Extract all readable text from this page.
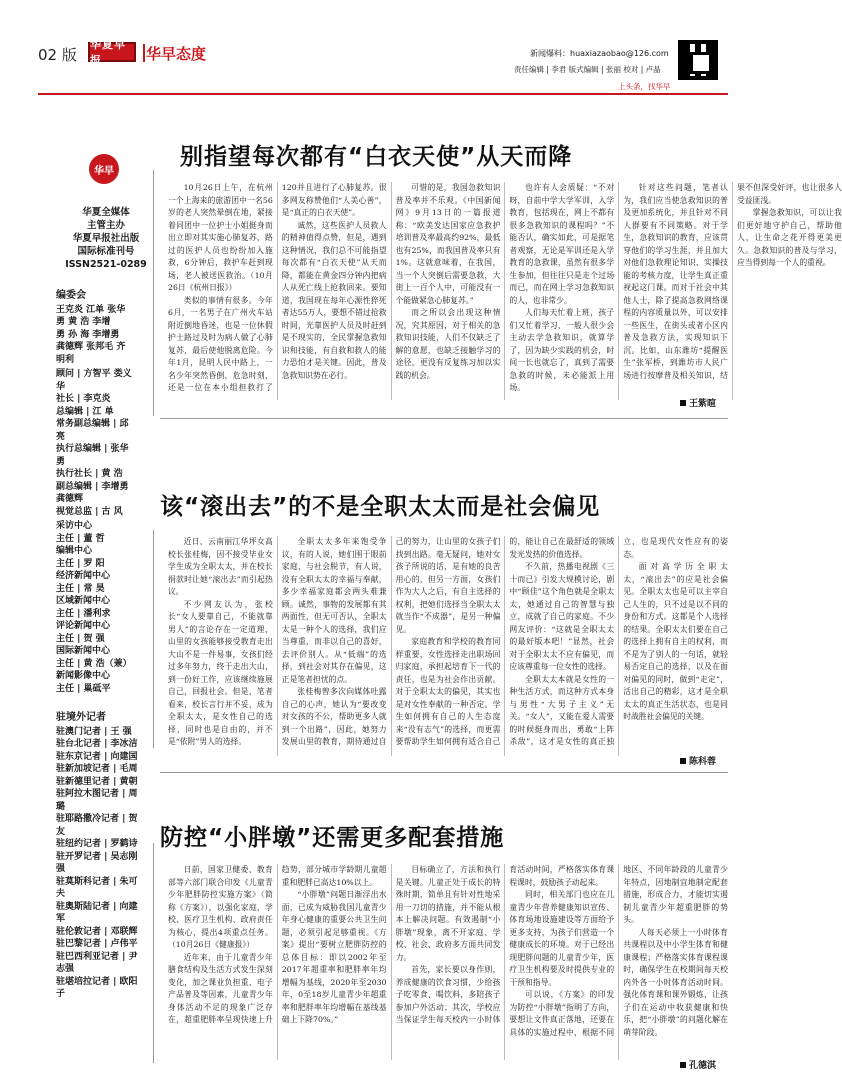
02 版
华夏早报	华早态度	新闻爆料：huaxiazaobao@126.com
责任编辑 | 李君 版式编辑 | 张丽 校对 | 卢晶
上头条，找华早
华早
华夏全媒体
主管主办
华夏早报社出版
国际标准刊号
ISSN2521-0289
编委会
王克炎 江单 张华
勇 黄 浩 李增
勇 孙 海 李增勇
龚德辉 张邦毛 齐
明利
顾问 | 方智平 娄义
华
社长 | 李克炎
总编辑 | 江 单
常务副总编辑 | 邱
亮
执行总编辑 | 张华
勇
执行社长 | 黄 浩
副总编辑 | 李增勇
龚德辉
视觉总监 | 古 风
采访中心
主任 | 董 哲
编辑中心
主任 | 罗 阳
经济新闻中心
主任 | 常 昊
区域新闻中心
主任 | 潘利求
评论新闻中心
主任 | 贺 强
国际新闻中心
主任 | 黄 浩（兼）
新闻影像中心
主任 | 巢砥平
驻境外记者
驻澳门记者 | 王 强
驻台北记者 | 李冰洁
驻东京记者 | 向建国
驻新加坡记者 | 毛周
驻新德里记者 | 黄朝
驻阿拉木图记者 | 周
璐
驻耶路撒冷记者 | 贺
友
驻纽约记者 | 罗鹤诗
驻开罗记者 | 吴志刚
强
驻莫斯科记者 | 朱可
夫
驻奥斯陆记者 | 向建
军
驻伦敦记者 | 邓联辉
驻巴黎记者 | 卢伟平
驻巴西利亚记者 | 尹
志强
驻堪培拉记者 | 欧阳
子
别指望每次都有“白衣天使”从天而降

10月26日上午，在杭州一个上海来的旅游团中一名56岁的老人突然晕倒在地，紧接着同团中一位护士小姐挺身而出立即对其实施心肺复苏，路过的医护人员也纷纷加入施救，6分钟后，救护车赶到现场，老人被送医救治。（10月26日《杭州日报》）

类似的事情有很多。今年6月，一名男子在广州火车站附近倒地昏迷，也是一位休假护士路过及时为病人做了心肺复苏，最后使他脱离危险。今年1月，昆明人民中路上，一名少年突然昏倒，危急时刻，还是一位在本小组担救打了120并且进行了心肺复苏。很多网友称赞他们“人美心善”，是“真正的白衣天使”。

诚然，这些医护人员救人的精神值得点赞，但是，遇到这种情况，我们总不可能指望每次都有“白衣天使”从天而降，都能在黄金四分钟内把病人从死亡线上抢救回来。要知道，我国现在每年心源性猝死者达55万人，要想不错过抢救时间，光靠医护人员及时赶到是不现实的，全民掌握急救知识和技能，有自救和救人的能力恐怕才是关键。因此，普及急救知识势在必行。

可惜的是，我国急救知识普及率并不乐观。《中国新闻网》9月13日的一篇报道称：“欧美发达国家应急救护培训普及率最高约92%，最低也有25%，而我国普及率只有1%。这就意味着，在我国，当一个人突倒后需要急救，大街上一百个人中，可能没有一个能做紧急心肺复苏。”

而之所以会出现这种情况，究其原因，对于相关的急救知识技能，人们不仅缺乏了解的意愿，也缺乏接触学习的途径，更没有反复练习加以实践的机会。

也许有人会质疑：“不对呀，自前中学大学军训，入学教育，包括现在，网上不都有很多急救知识的课程吗？”不能否认，确实如此，可是据笔者观察，无论是军训还是入学教育的急救课，虽然有很多学生参加，但往往只是走个过场而已，而在网上学习急救知识的人，也非常少。

人们每天忙着上班，孩子们又忙着学习，一般人很少会主动去学急救知识，就算学了，因为缺少实践的机会，时间一长也就忘了，真到了需要急救的时候，未必能派上用场。

针对这些问题，笔者认为，我们应当使急救知识的普及更加系统化，并且针对不同人群要有不同策略。对于学生，急救知识的教育，应该贯穿他们的学习生涯，并且加大对他们急救理论知识、实操技能的考核力度，让学生真正重视起这门课。而对于社会中其他人士，除了提高急救网络课程的内容质量以外，可以安排一些医生，在街头或者小区内普及急救方法，实现知识下沉。比如，山东潍坊“提醒医生”张军桥，到潍坊市人民广场进行按摩普及相关知识，结果不但深受好评，也让很多人受益匪浅。

掌握急救知识，可以让我们更好地守护自己，帮助他人，让生命之花开得更美更久。急救知识的普及与学习，应当得到每一个人的重视。

王紫暄
该“滚出去”的不是全职太太而是社会偏见

近日，云南丽江华坪女高校长张桂梅，因不接受毕业女学生成为全职太太，并在校长捐款时让她“滚出去”而引起热议。

不少网友认为，张校长“女人要靠自己，不能就靠男人”的言论存在一定道理，山里的女孩能够接受教育走出大山不是一件易事，女孩们经过多年努力，终于走出大山，到一份好工作，应该继续施展自己，回报社会。但是，笔者看来，校长言行并不妥，成为全职太太，是女性自己的选择，同时也是自由的，并不是“依附”男人的选择。

全职太太多年来饱受争议，有的人说，她们围于眼前家庭，与社会脱节，有人说，没有全职太太的幸福与奉献，多少幸福家庭都会两头难兼顾。诚然，事物的发展都有其两面性，但无可否认，全职太太是一种个人的选择，我们应当尊重，而非以自己的喜好，去评价别人。从“低端”的选择，到社会对其存在偏见，这正是笔者担忧的点。

张桂梅曾多次向媒体吐露自己的心声，她认为“要改变对女孩的不公，帮助更多人就到一个出路”，因此，她努力发展山里的教育，期待通过自己的努力，让山里的女孩子们找到出路。毫无疑问，她对女孩子所说的话，是有她的良苦用心的，但另一方面，女孩们作为大人之后，有自主选择的权利，把她们选择当全职太太就当作“不成器”，是另一种偏见。

家庭教育和学校的教育同样重要，女性选择走出职场回归家庭，承担起培育下一代的责任，也是为社会作出贡献。对于全职太太的偏见，其实也是对女性奉献的一种否定。学生如何拥有自己的人生态度来“没有志气”的选择，而更需要帮助学生如何拥有适合自己的，能让自己在最舒适的领域发光发热的价值选择。

不久前，热播电视剧《三十而已》引发大规模讨论，剧中“顾佳”这个角色就是全职太太，她通过自己的智慧与独立，成就了自己的家庭。不少网友评价：“这就是全职太太的最好版本吧！”显然，社会对于全职太太不应有偏见，而应该尊重每一位女性的选择。

全职太太本就是女性的一种生活方式，而这种方式本身与男性“大男子主义”无关。“女人”，又能在爱人需要的时候挺身而出，勇敢“上阵杀敌”，这才是女性的真正独立，也是现代女性应有的姿态。

面对高学历全职太太，“滚出去”的应是社会偏见。全职太太也是可以主宰自己人生的，只不过是以不同的身份和方式。这都是个人选择的结果。全职太太们要在自己的选择上拥有自主的权利，而不是为了别人的一句话，就轻易否定自己的选择，以及在面对偏见的同时，做到“走定”，活出自己的精彩，这才是全职太太的真正生活状态，也是同时战胜社会偏见的关键。

陈科蓉
防控“小胖墩”还需更多配套措施

日前，国家卫健委、教育部等六部门联合印发《儿童青少年肥胖防控实施方案》（简称《方案》），以强化家庭、学校、医疗卫生机构、政府责任为核心，提出4项重点任务。（10月26日《健康报》）

近年来，由于儿童青少年膳食结构及生活方式发生深刻变化，加之课业负担重、电子产品普及等因素，儿童青少年身体活动不足的现象广泛存在，超重肥胖率呈现快速上升趋势，部分城市学龄期儿童超重和肥胖已高达10%以上。

“小胖墩”问题日渐浮出水面，已成为威胁我国儿童青少年身心健康的重要公共卫生问题，必须引起足够重视。《方案》提出“要树立肥胖防控的总体目标：即以2002年至2017年超重率和肥胖率年均增幅为基线，2020年至2030年，0至18岁儿童青少年超重率和肥胖率年均增幅在基线基础上下降70%。”

目标确立了，方法和执行是关键。儿童正处于成长的特殊时期，简单且有针对性地采用一刀切的措施，并不能从根本上解决问题。有效遏制“小胖墩”现象，离不开家庭、学校、社会、政府多方面共同发力。

首先，家长要以身作则，养成健康的饮食习惯，少给孩子吃零食、喝饮料，多陪孩子参加户外活动；其次，学校应当保证学生每天校内一小时体育活动时间，严格落实体育课程课时，鼓励孩子动起来。

同时，相关部门也应在儿童青少年营养健康知识宣传、体育场地设施建设等方面给予更多支持，为孩子们营造一个健康成长的环境。对于已经出现肥胖问题的儿童青少年，医疗卫生机构要及时提供专业的干预和指导。

可以说，《方案》的印发为防控“小胖墩”指明了方向，要想让文件真正落地，还要在具体的实施过程中，根据不同地区、不同年龄段的儿童青少年特点，因地制宜地制定配套措施，形成合力，才能切实遏制儿童青少年超重肥胖的势头。

人每天必须上一小时体育共课程以及中小学生体育和健康课程；严格落实体育课程课时，确保学生在校期间每天校内外各一小时体育活动时间。强化体育课和课外锻炼，让孩子们在运动中收获健康和快乐，把“小胖墩”的问题化解在萌芽阶段。

孔德淇
